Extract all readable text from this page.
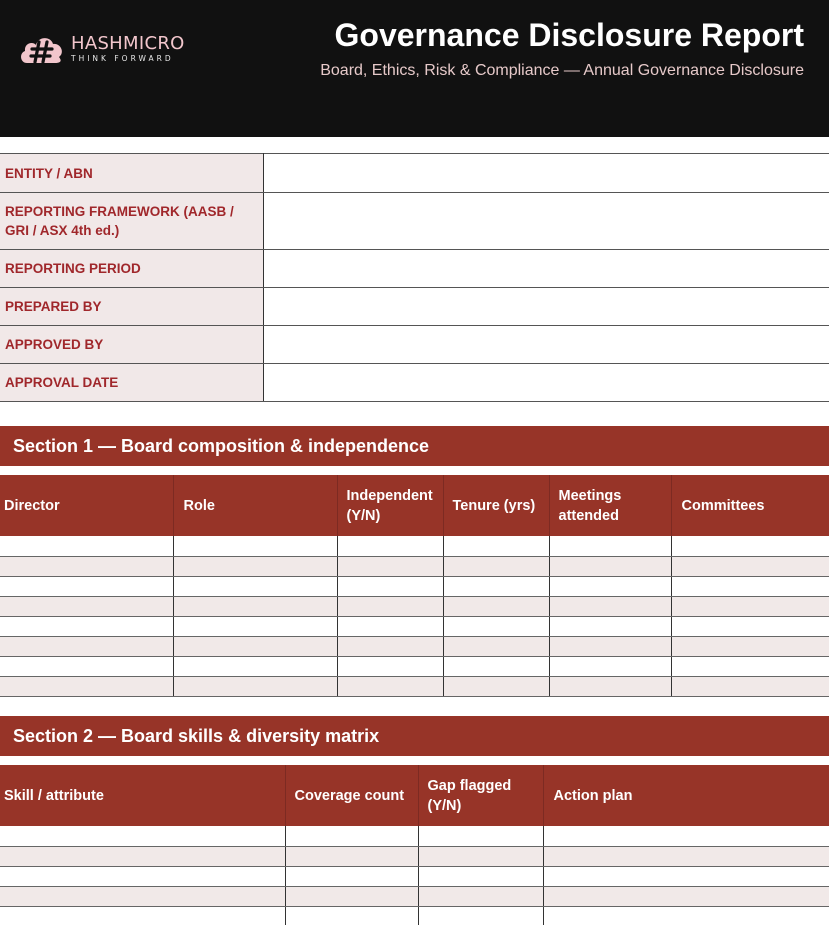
HASHMICRO
THINK FORWARD
Governance Disclosure Report
Board, Ethics, Risk & Compliance — Annual Governance Disclosure
ENTITY / ABN	
REPORTING FRAMEWORK (AASB / GRI / ASX 4th ed.)	
REPORTING PERIOD	
PREPARED BY	
APPROVED BY	
APPROVAL DATE	
Section 1 — Board composition & independence
Director	Role	Independent (Y/N)	Tenure (yrs)	Meetings attended	Committees

Section 2 — Board skills & diversity matrix
Skill / attribute	Coverage count	Gap flagged (Y/N)	Action plan
